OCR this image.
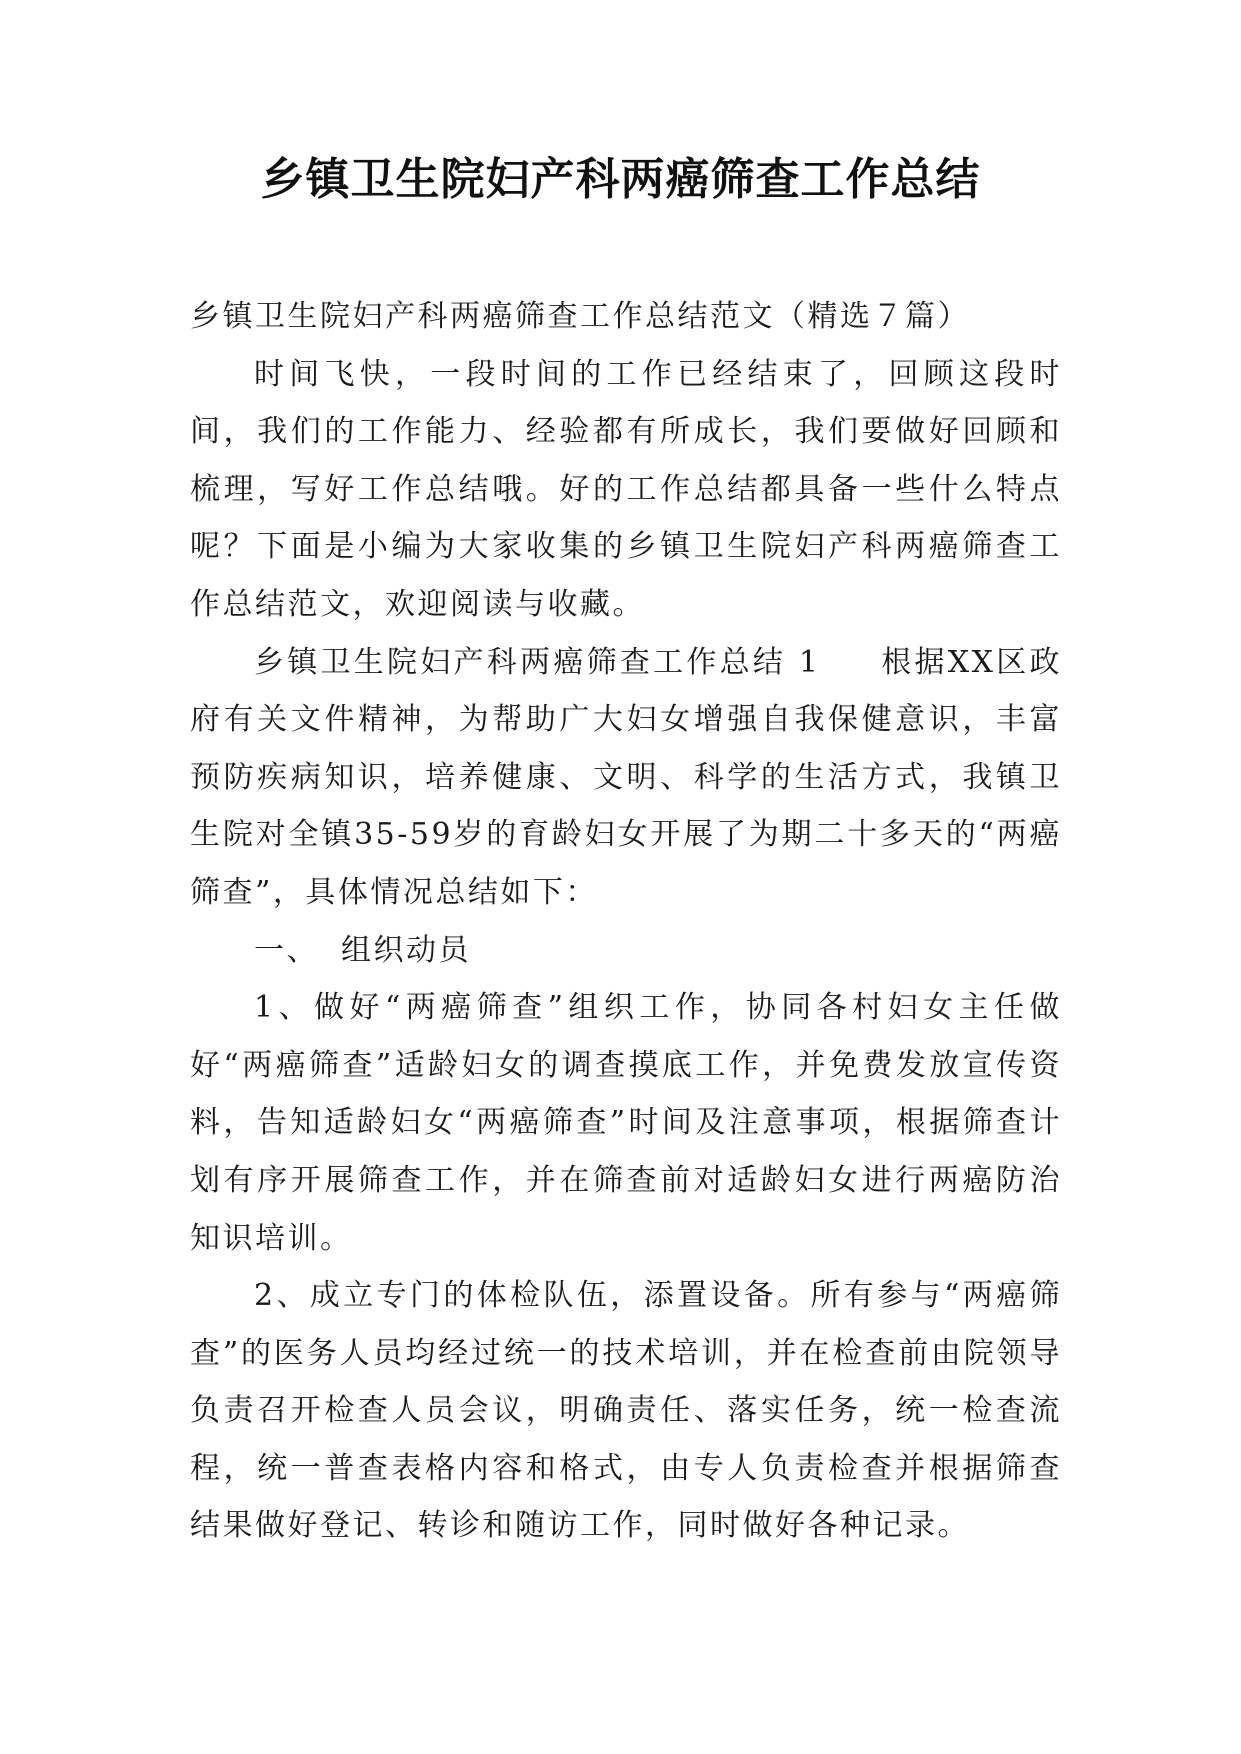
乡镇卫生院妇产科两癌筛查工作总结

乡镇卫生院妇产科两癌筛查工作总结范文（精选７篇）

时间飞快，一段时间的工作已经结束了，回顾这段时间，我们的工作能力、经验都有所成长，我们要做好回顾和梳理，写好工作总结哦。好的工作总结都具备一些什么特点呢？下面是小编为大家收集的乡镇卫生院妇产科两癌筛查工作总结范文，欢迎阅读与收藏。

乡镇卫生院妇产科两癌筛查工作总结 1 根据XX区政府有关文件精神，为帮助广大妇女增强自我保健意识，丰富预防疾病知识，培养健康、文明、科学的生活方式，我镇卫生院对全镇35-59岁的育龄妇女开展了为期二十多天的“两癌筛查”，具体情况总结如下：

一、 组织动员

1、做好“两癌筛查”组织工作，协同各村妇女主任做好“两癌筛查”适龄妇女的调查摸底工作，并免费发放宣传资料，告知适龄妇女“两癌筛查”时间及注意事项，根据筛查计划有序开展筛查工作，并在筛查前对适龄妇女进行两癌防治知识培训。

2、成立专门的体检队伍，添置设备。所有参与“两癌筛查”的医务人员均经过统一的技术培训，并在检查前由院领导负责召开检查人员会议，明确责任、落实任务，统一检查流程，统一普查表格内容和格式，由专人负责检查并根据筛查结果做好登记、转诊和随访工作，同时做好各种记录。
